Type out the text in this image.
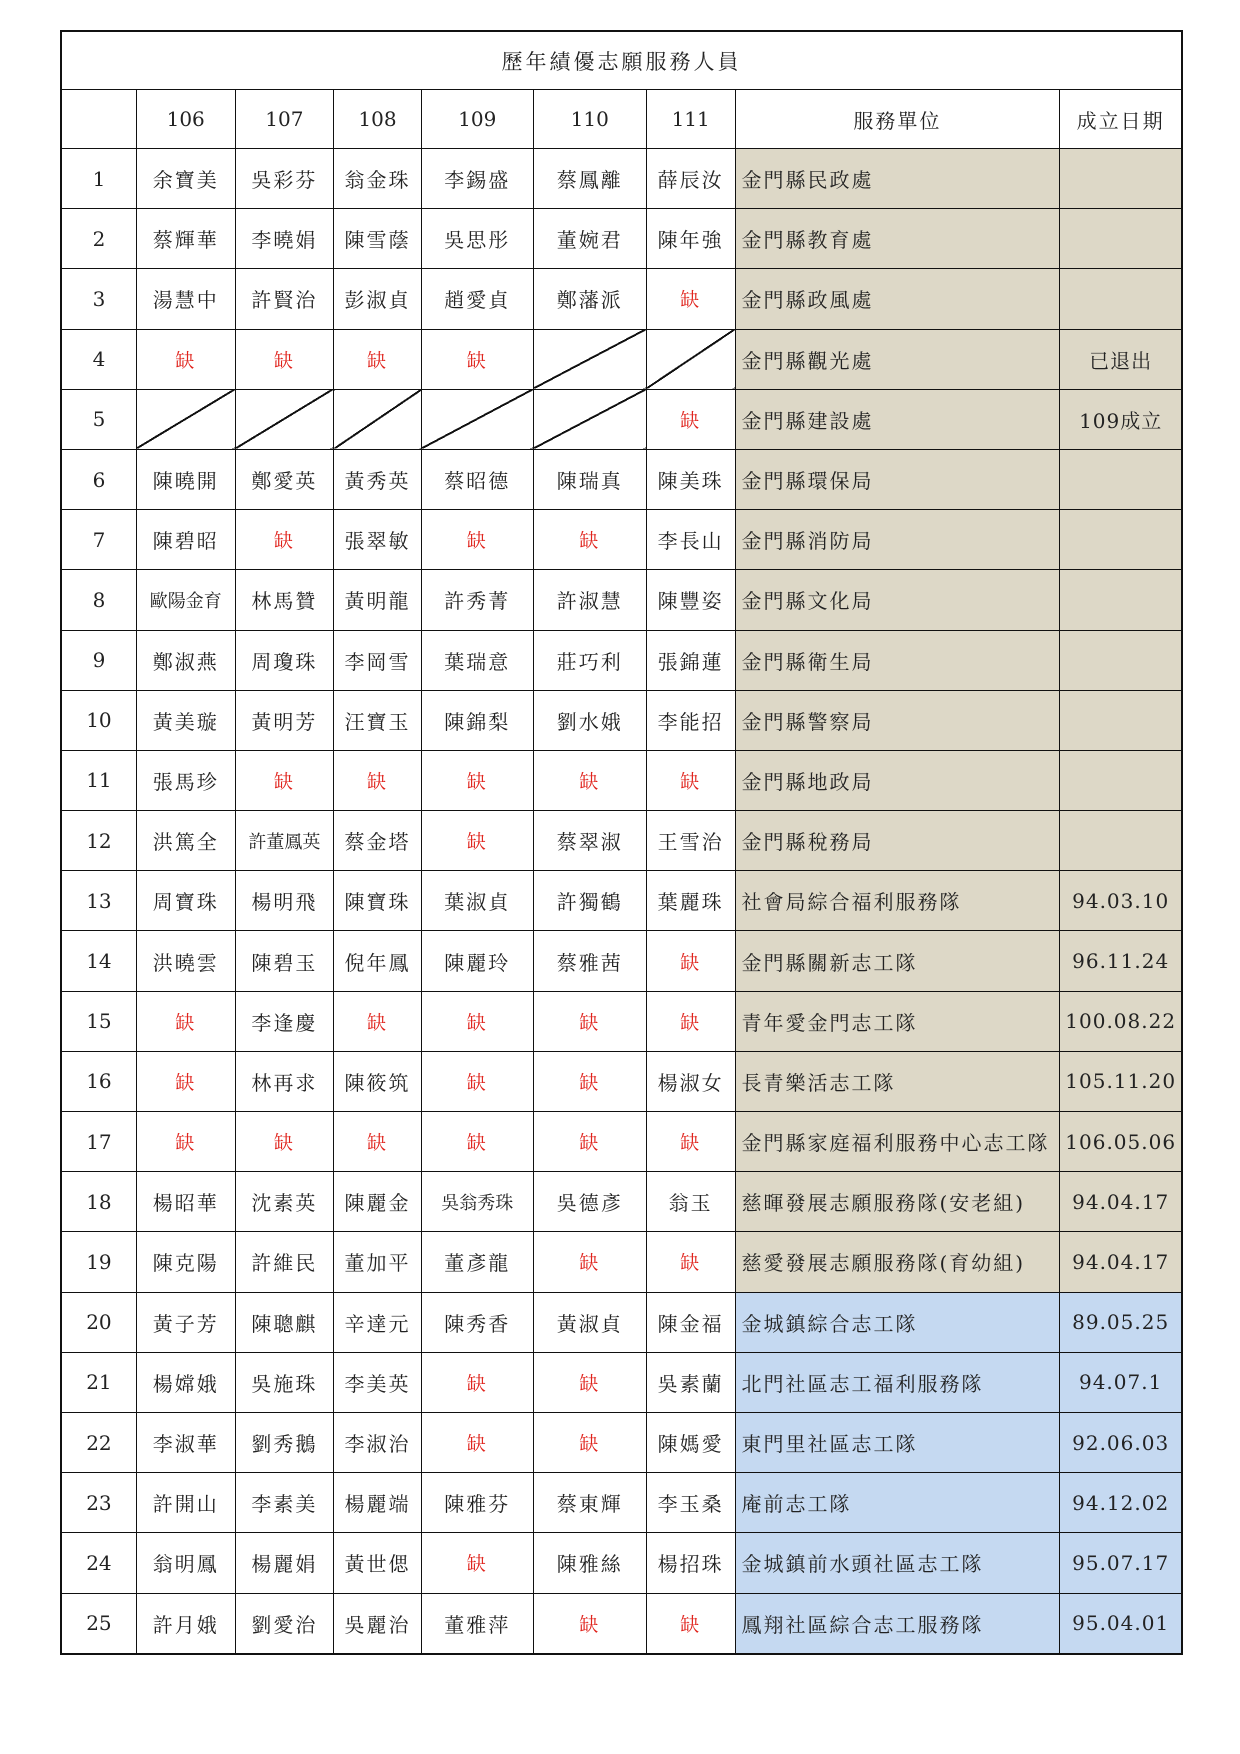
歷年績優志願服務人員								
	106	107	108	109	110	111	服務單位	成立日期
1	余寶美	吳彩芬	翁金珠	李錫盛	蔡鳳離	薛辰汝	金門縣民政處	
2	蔡輝華	李曉娟	陳雪蔭	吳思彤	董婉君	陳年強	金門縣教育處	
3	湯慧中	許賢治	彭淑貞	趙愛貞	鄭藩派	缺	金門縣政風處	
4	缺	缺	缺	缺			金門縣觀光處	已退出
5						缺	金門縣建設處	109成立
6	陳曉開	鄭愛英	黃秀英	蔡昭德	陳瑞真	陳美珠	金門縣環保局	
7	陳碧昭	缺	張翠敏	缺	缺	李長山	金門縣消防局	
8	歐陽金育	林馬贊	黃明龍	許秀菁	許淑慧	陳豐姿	金門縣文化局	
9	鄭淑燕	周瓊珠	李岡雪	葉瑞意	莊巧利	張錦蓮	金門縣衛生局	
10	黃美璇	黃明芳	汪寶玉	陳錦梨	劉水娥	李能招	金門縣警察局	
11	張馬珍	缺	缺	缺	缺	缺	金門縣地政局	
12	洪篤全	許董鳳英	蔡金塔	缺	蔡翠淑	王雪治	金門縣稅務局	
13	周寶珠	楊明飛	陳寶珠	葉淑貞	許獨鶴	葉麗珠	社會局綜合福利服務隊	94.03.10
14	洪曉雲	陳碧玉	倪年鳳	陳麗玲	蔡雅茜	缺	金門縣關新志工隊	96.11.24
15	缺	李逢慶	缺	缺	缺	缺	青年愛金門志工隊	100.08.22
16	缺	林再求	陳筱筑	缺	缺	楊淑女	長青樂活志工隊	105.11.20
17	缺	缺	缺	缺	缺	缺	金門縣家庭福利服務中心志工隊	106.05.06
18	楊昭華	沈素英	陳麗金	吳翁秀珠	吳德彥	翁玉	慈暉發展志願服務隊(安老組)	94.04.17
19	陳克陽	許維民	董加平	董彥龍	缺	缺	慈愛發展志願服務隊(育幼組)	94.04.17
20	黃子芳	陳聰麒	辛達元	陳秀香	黃淑貞	陳金福	金城鎮綜合志工隊	89.05.25
21	楊嫦娥	吳施珠	李美英	缺	缺	吳素蘭	北門社區志工福利服務隊	94.07.1
22	李淑華	劉秀鵝	李淑治	缺	缺	陳媽愛	東門里社區志工隊	92.06.03
23	許開山	李素美	楊麗端	陳雅芬	蔡東輝	李玉桑	庵前志工隊	94.12.02
24	翁明鳳	楊麗娟	黃世偲	缺	陳雅絲	楊招珠	金城鎮前水頭社區志工隊	95.07.17
25	許月娥	劉愛治	吳麗治	董雅萍	缺	缺	鳳翔社區綜合志工服務隊	95.04.01
